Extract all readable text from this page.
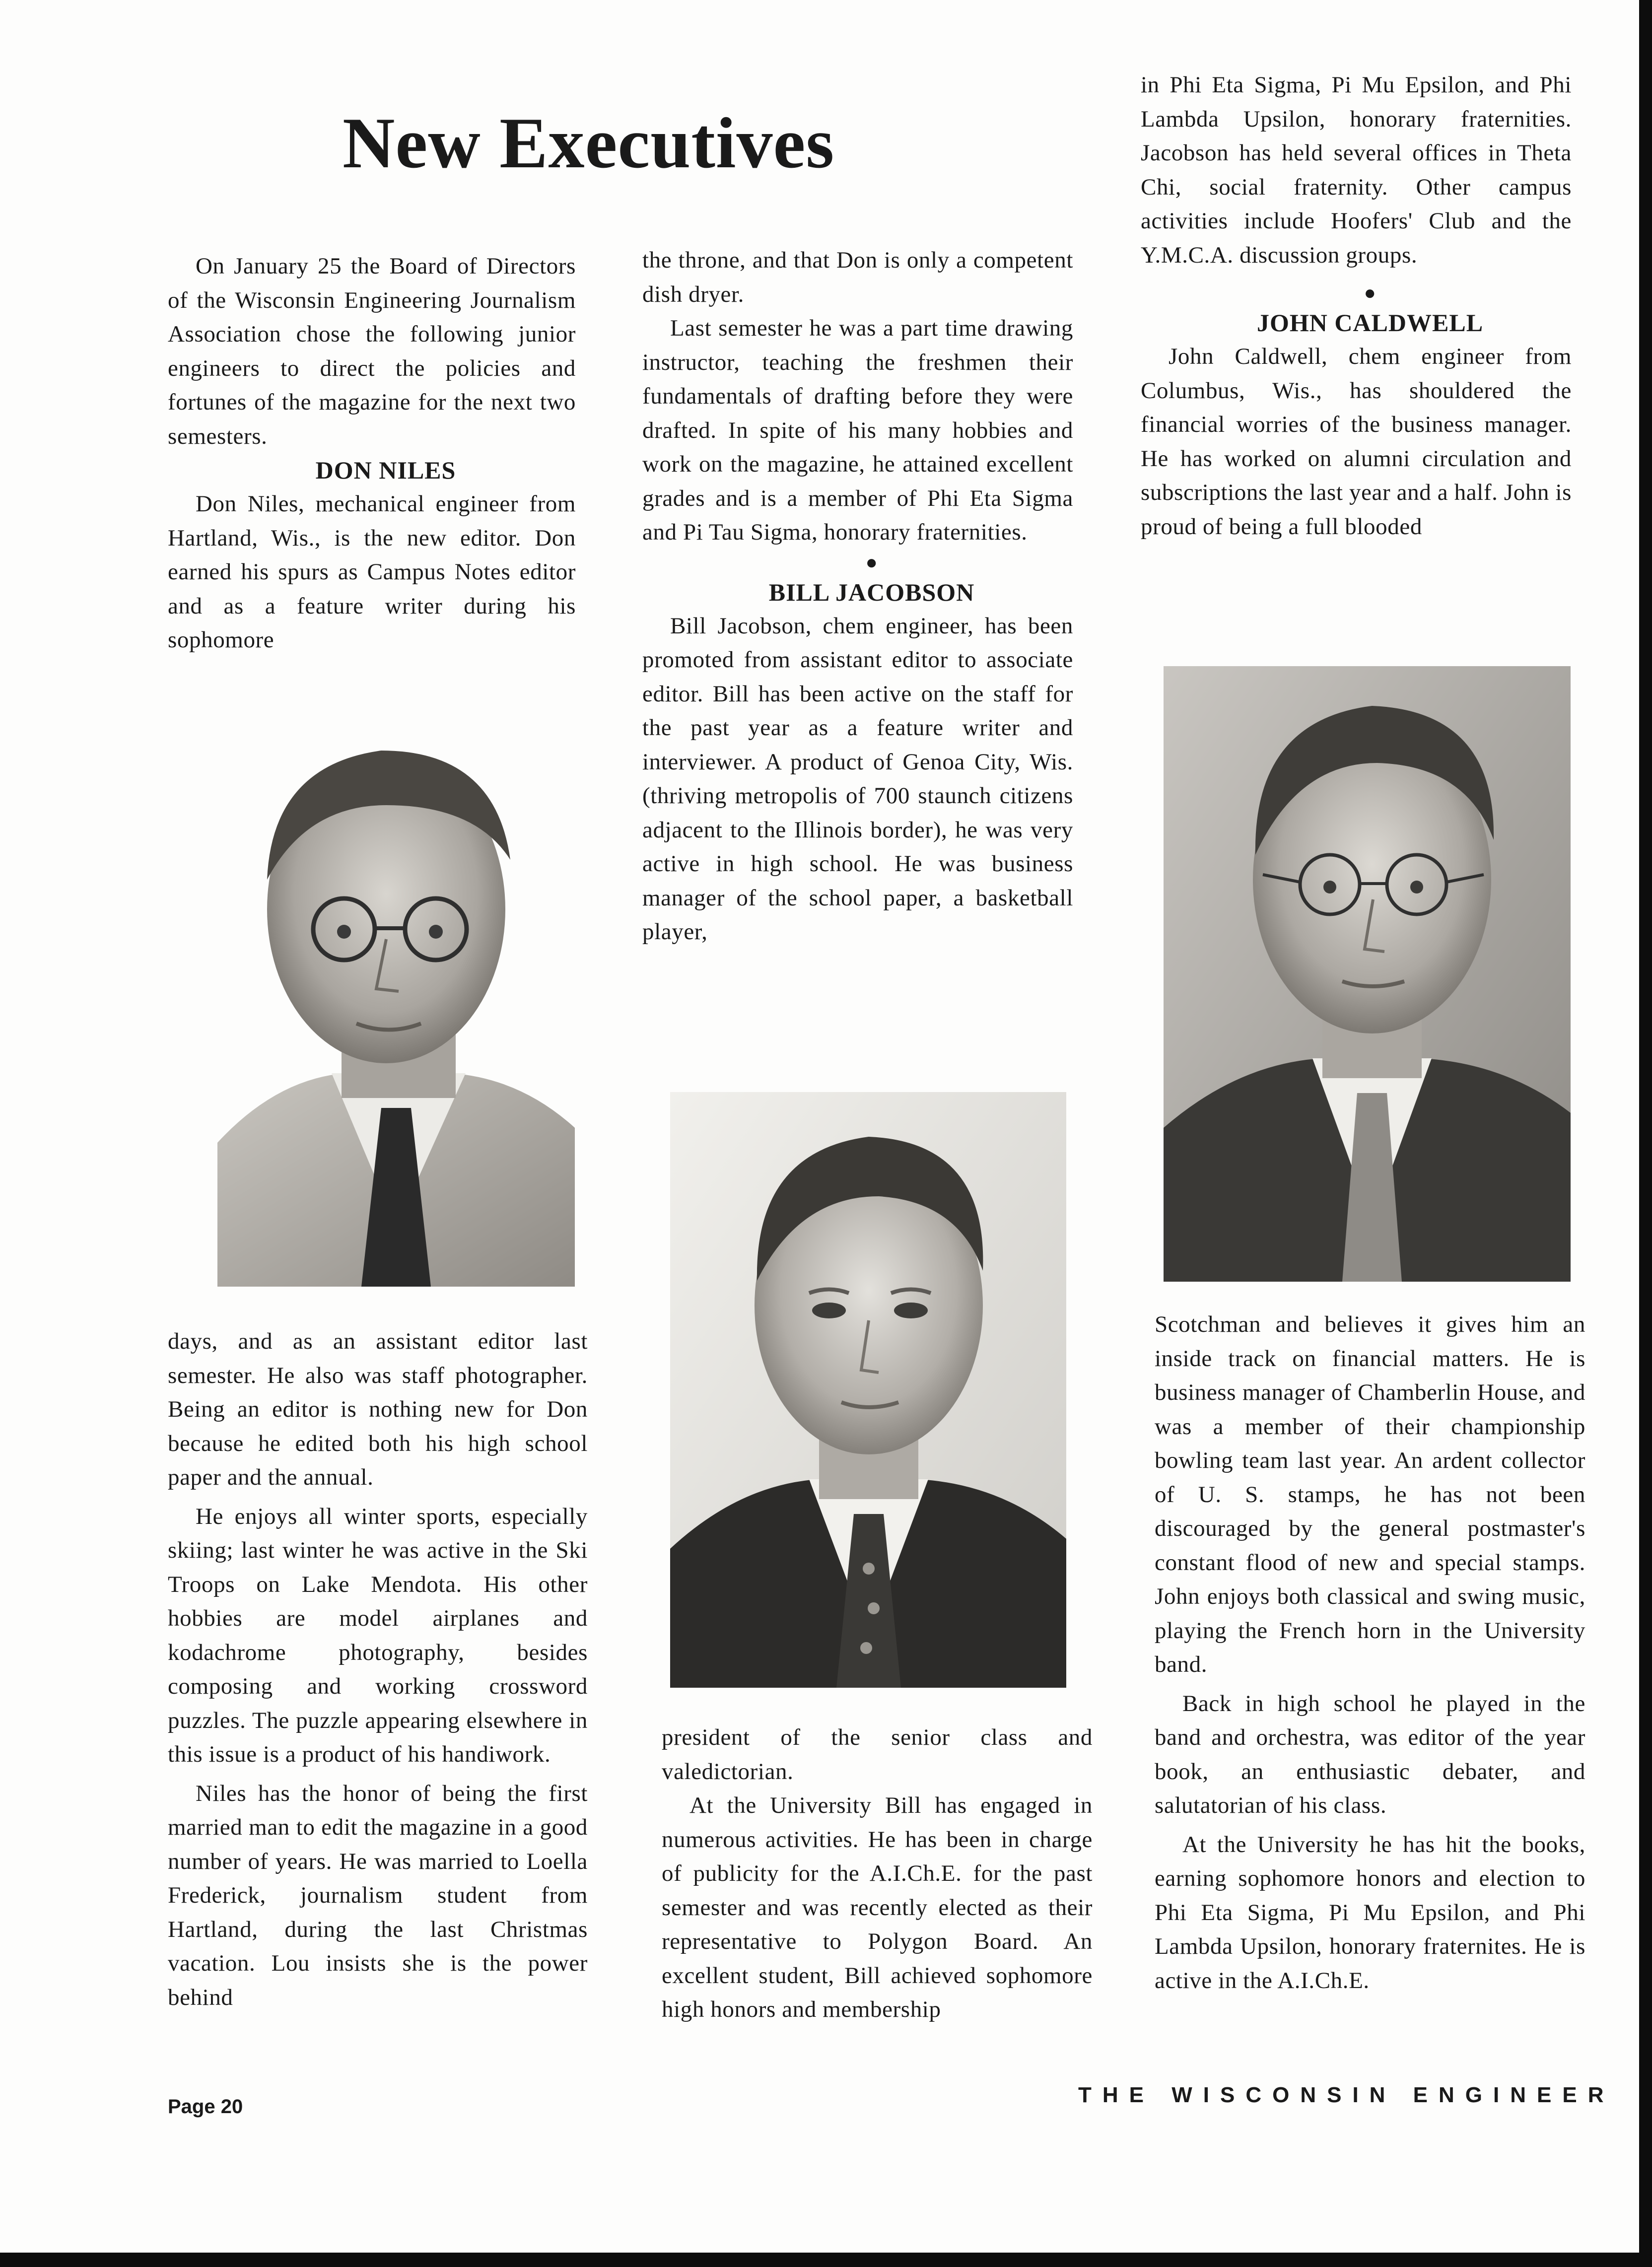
New Executives

On January 25 the Board of Directors of the Wisconsin Engineering Journalism Association chose the following junior engineers to direct the policies and fortunes of the magazine for the next two semesters.

DON NILES

Don Niles, mechanical engineer from Hartland, Wis., is the new editor. Don earned his spurs as Campus Notes editor and as a feature writer during his sophomore

days, and as an assistant editor last semester. He also was staff photographer. Being an editor is nothing new for Don because he edited both his high school paper and the annual.

He enjoys all winter sports, especially skiing; last winter he was active in the Ski Troops on Lake Mendota. His other hobbies are model airplanes and kodachrome photography, besides composing and working crossword puzzles. The puzzle appearing elsewhere in this issue is a product of his handiwork.

Niles has the honor of being the first married man to edit the magazine in a good number of years. He was married to Loella Frederick, journalism student from Hartland, during the last Christmas vacation. Lou insists she is the power behind

the throne, and that Don is only a competent dish dryer.

Last semester he was a part time drawing instructor, teaching the freshmen their fundamentals of drafting before they were drafted. In spite of his many hobbies and work on the magazine, he attained excellent grades and is a member of Phi Eta Sigma and Pi Tau Sigma, honorary fraternities.

●

BILL JACOBSON

Bill Jacobson, chem engineer, has been promoted from assistant editor to associate editor. Bill has been active on the staff for the past year as a feature writer and interviewer. A product of Genoa City, Wis. (thriving metropolis of 700 staunch citizens adjacent to the Illinois border), he was very active in high school. He was business manager of the school paper, a basketball player,

president of the senior class and valedictorian.

At the University Bill has engaged in numerous activities. He has been in charge of publicity for the A.I.Ch.E. for the past semester and was recently elected as their representative to Polygon Board. An excellent student, Bill achieved sophomore high honors and membership

in Phi Eta Sigma, Pi Mu Epsilon, and Phi Lambda Upsilon, honorary fraternities. Jacobson has held several offices in Theta Chi, social fraternity. Other campus activities include Hoofers' Club and the Y.M.C.A. discussion groups.

●

JOHN CALDWELL

John Caldwell, chem engineer from Columbus, Wis., has shouldered the financial worries of the business manager. He has worked on alumni circulation and subscriptions the last year and a half. John is proud of being a full blooded

Scotchman and believes it gives him an inside track on financial matters. He is business manager of Chamberlin House, and was a member of their championship bowling team last year. An ardent collector of U. S. stamps, he has not been discouraged by the general postmaster's constant flood of new and special stamps. John enjoys both classical and swing music, playing the French horn in the University band.

Back in high school he played in the band and orchestra, was editor of the year book, an enthusiastic debater, and salutatorian of his class.

At the University he has hit the books, earning sophomore honors and election to Phi Eta Sigma, Pi Mu Epsilon, and Phi Lambda Upsilon, honorary fraternites. He is active in the A.I.Ch.E.

Page 20	THE WISCONSIN ENGINEER
